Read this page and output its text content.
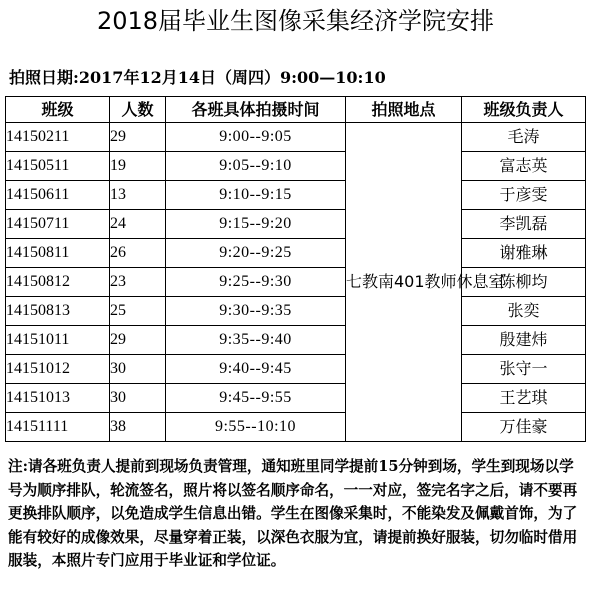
2018届毕业生图像采集经济学院安排
拍照日期:2017年12月14日（周四）9:00—10:10
班级	人数	各班具体拍摄时间	拍照地点	班级负责人
14150211	29	9:00--9:05	七教南401教师休息室	毛涛
14150511	19	9:05--9:10		富志英
14150611	13	9:10--9:15		于彦雯
14150711	24	9:15--9:20		李凯磊
14150811	26	9:20--9:25		谢雅琳
14150812	23	9:25--9:30		陈柳均
14150813	25	9:30--9:35		张奕
14151011	29	9:35--9:40		殷建炜
14151012	30	9:40--9:45		张守一
14151013	30	9:45--9:55		王艺琪
14151111	38	9:55--10:10		万佳豪
注:请各班负责人提前到现场负责管理，通知班里同学提前15分钟到场，学生到现场以学号为顺序排队，轮流签名，照片将以签名顺序命名，一一对应，签完名字之后，请不要再更换排队顺序，以免造成学生信息出错。学生在图像采集时，不能染发及佩戴首饰，为了能有较好的成像效果，尽量穿着正装，以深色衣服为宜，请提前换好服装，切勿临时借用服装，本照片专门应用于毕业证和学位证。
